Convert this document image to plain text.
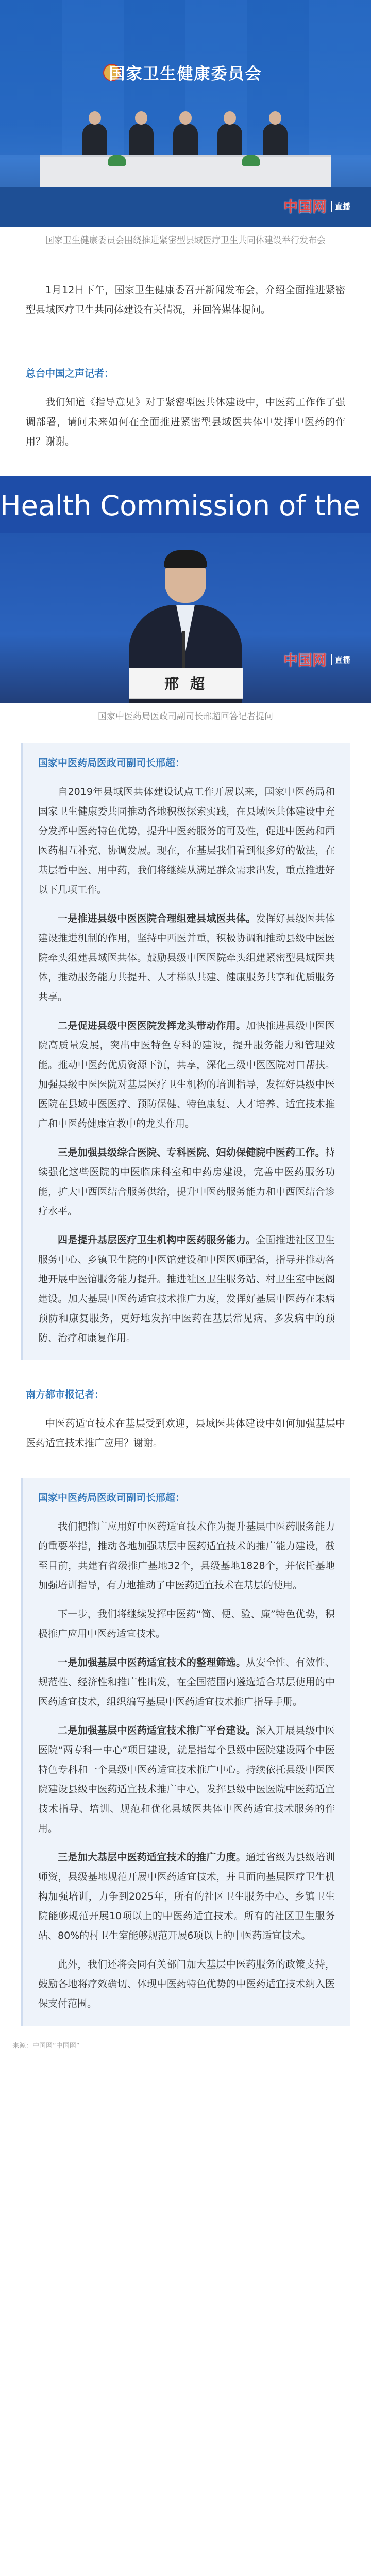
国家卫生健康委员会
中国网	直播
国家卫生健康委员会围绕推进紧密型县域医疗卫生共同体建设举行发布会
1月12日下午，国家卫生健康委召开新闻发布会，介绍全面推进紧密型县域医疗卫生共同体建设有关情况，并回答媒体提问。
总台中国之声记者：
我们知道《指导意见》对于紧密型医共体建设中，中医药工作作了强调部署，请问未来如何在全面推进紧密型县域医共体中发挥中医药的作用？谢谢。
Health Commission of the
邢 超
中国网	直播
国家中医药局医政司副司长邢超回答记者提问
国家中医药局医政司副司长邢超：
自2019年县域医共体建设试点工作开展以来，国家中医药局和国家卫生健康委共同推动各地积极探索实践，在县域医共体建设中充分发挥中医药特色优势，提升中医药服务的可及性，促进中医药和西医药相互补充、协调发展。现在，在基层我们看到很多好的做法，在基层看中医、用中药，我们将继续从满足群众需求出发，重点推进好以下几项工作。
一是推进县级中医医院合理组建县域医共体。发挥好县级医共体建设推进机制的作用，坚持中西医并重，积极协调和推动县级中医医院牵头组建县域医共体。鼓励县级中医医院牵头组建紧密型县域医共体，推动服务能力共提升、人才梯队共建、健康服务共享和优质服务共享。
二是促进县级中医医院发挥龙头带动作用。加快推进县级中医医院高质量发展，突出中医特色专科的建设，提升服务能力和管理效能。推动中医药优质资源下沉，共享，深化三级中医医院对口帮扶。加强县级中医医院对基层医疗卫生机构的培训指导，发挥好县级中医医院在县域中医医疗、预防保健、特色康复、人才培养、适宜技术推广和中医药健康宣教中的龙头作用。
三是加强县级综合医院、专科医院、妇幼保健院中医药工作。持续强化这些医院的中医临床科室和中药房建设，完善中医药服务功能，扩大中西医结合服务供给，提升中医药服务能力和中西医结合诊疗水平。
四是提升基层医疗卫生机构中医药服务能力。全面推进社区卫生服务中心、乡镇卫生院的中医馆建设和中医医师配备，指导并推动各地开展中医馆服务能力提升。推进社区卫生服务站、村卫生室中医阁建设。加大基层中医药适宜技术推广力度，发挥好基层中医药在未病预防和康复服务，更好地发挥中医药在基层常见病、多发病中的预防、治疗和康复作用。
南方都市报记者：
中医药适宜技术在基层受到欢迎，县域医共体建设中如何加强基层中医药适宜技术推广应用？谢谢。
国家中医药局医政司副司长邢超：
我们把推广应用好中医药适宜技术作为提升基层中医药服务能力的重要举措，推动各地加强基层中医药适宜技术的推广能力建设，截至目前，共建有省级推广基地32个，县级基地1828个，并依托基地加强培训指导，有力地推动了中医药适宜技术在基层的使用。
下一步，我们将继续发挥中医药“简、便、验、廉”特色优势，积极推广应用中医药适宜技术。
一是加强基层中医药适宜技术的整理筛选。从安全性、有效性、规范性、经济性和推广性出发，在全国范围内遴选适合基层使用的中医药适宜技术，组织编写基层中医药适宜技术推广指导手册。
二是加强基层中医药适宜技术推广平台建设。深入开展县级中医医院“两专科一中心”项目建设，就是指每个县级中医院建设两个中医特色专科和一个县级中医药适宜技术推广中心。持续依托县级中医医院建设县级中医药适宜技术推广中心，发挥县级中医医院中医药适宜技术指导、培训、规范和优化县域医共体中医药适宜技术服务的作用。
三是加大基层中医药适宜技术的推广力度。通过省级为县级培训师资，县级基地规范开展中医药适宜技术，并且面向基层医疗卫生机构加强培训，力争到2025年，所有的社区卫生服务中心、乡镇卫生院能够规范开展10项以上的中医药适宜技术。所有的社区卫生服务站、80%的村卫生室能够规范开展6项以上的中医药适宜技术。
此外，我们还将会同有关部门加大基层中医药服务的政策支持，鼓励各地将疗效确切、体现中医药特色优势的中医药适宜技术纳入医保支付范围。
来源：中国网“中国网”
